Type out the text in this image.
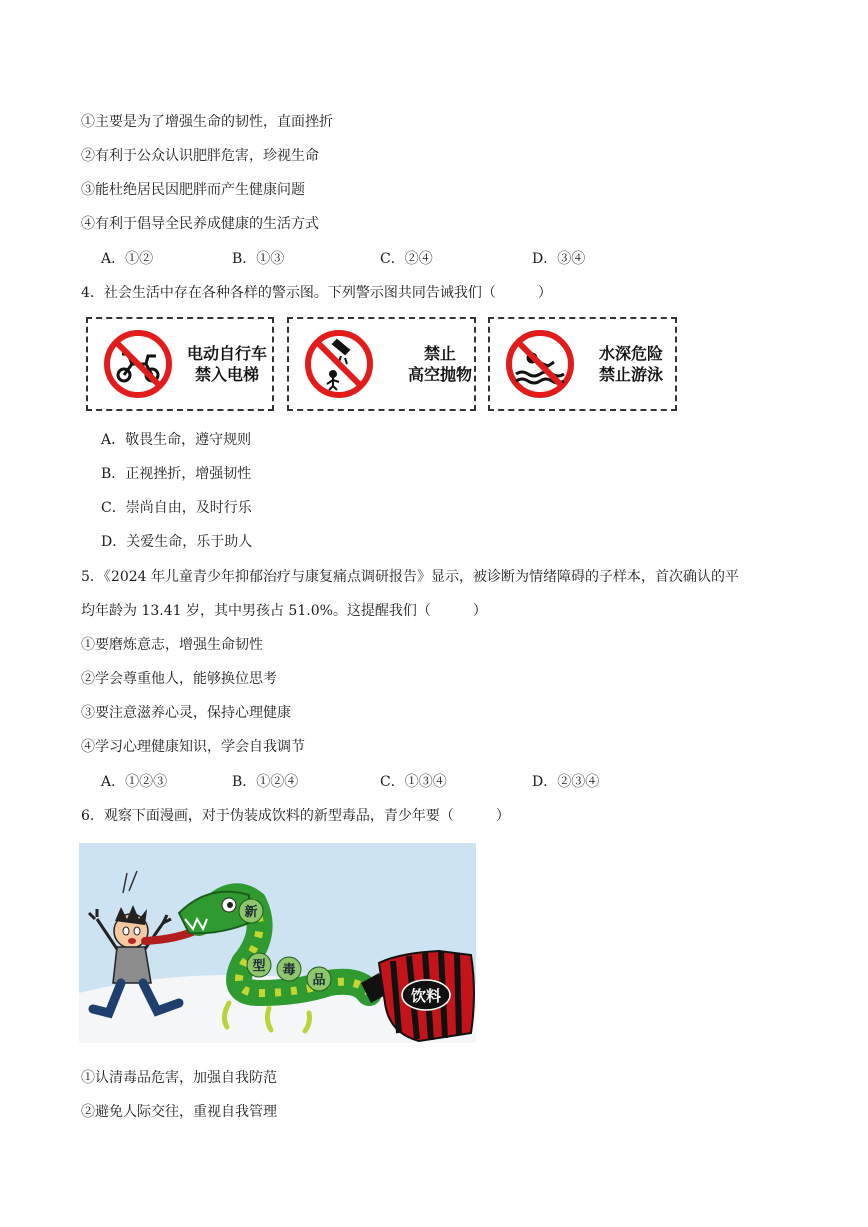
①主要是为了增强生命的韧性，直面挫折
②有利于公众认识肥胖危害，珍视生命
③能杜绝居民因肥胖而产生健康问题
④有利于倡导全民养成健康的生活方式
A．①②	B．①③	C．②④	D．③④
4．社会生活中存在各种各样的警示图。下列警示图共同告诫我们（　　　）
电动自行车
禁入电梯
禁止
高空抛物
水深危险
禁止游泳
A．敬畏生命，遵守规则
B．正视挫折，增强韧性
C．崇尚自由，及时行乐
D．关爱生命，乐于助人
5．《2024 年儿童青少年抑郁治疗与康复痛点调研报告》显示，被诊断为情绪障碍的子样本，首次确认的平
均年龄为 13.41 岁，其中男孩占 51.0%。这提醒我们（　　　）
①要磨炼意志，增强生命韧性
②学会尊重他人，能够换位思考
③要注意滋养心灵，保持心理健康
④学习心理健康知识，学会自我调节
A．①②③	B．①②④	C．①③④	D．②③④
6．观察下面漫画，对于伪装成饮料的新型毒品，青少年要（　　　）
新
型 毒
品
饮料
①认清毒品危害，加强自我防范
②避免人际交往，重视自我管理
